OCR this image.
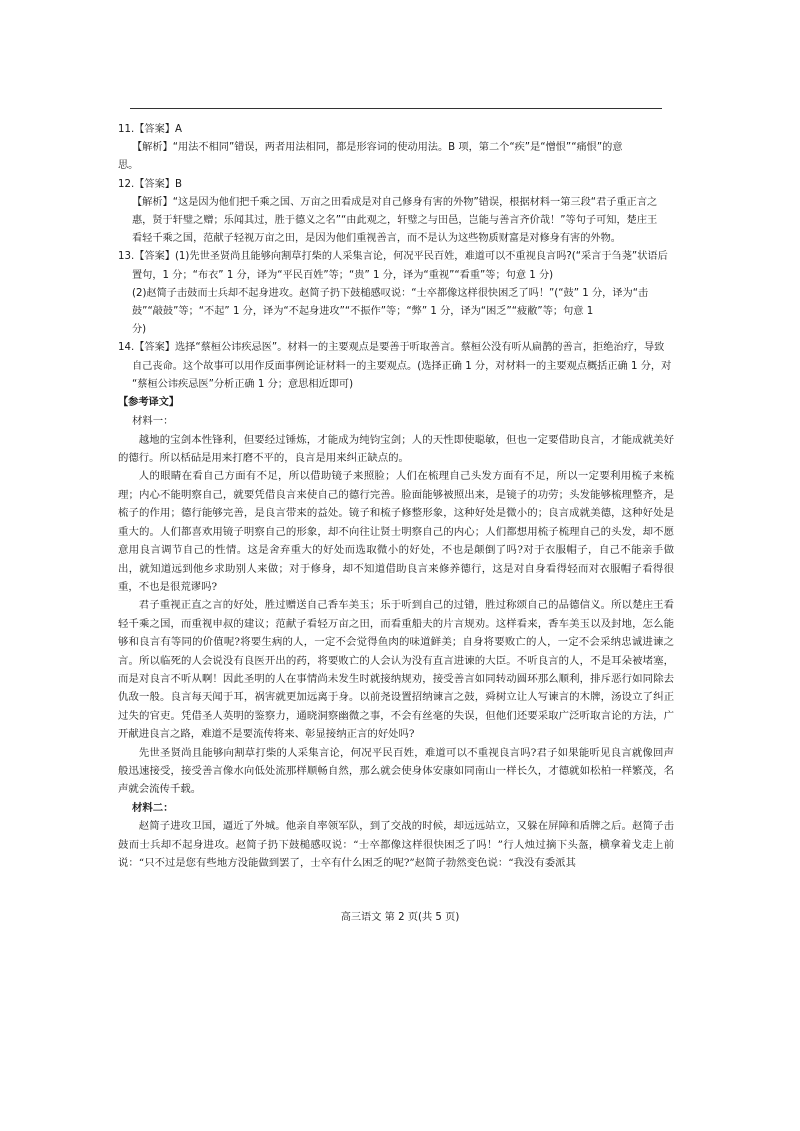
11.【答案】A

【解析】“用法不相同”错误，两者用法相同，都是形容词的使动用法。B 项，第二个“疾”是“憎恨”“痛恨”的意

思。

12.【答案】B

【解析】“这是因为他们把千乘之国、万亩之田看成是对自己修身有害的外物”错误，根据材料一第三段“君子重正言之

惠，贤于轩璧之赠；乐闻其过，胜于德义之名”“由此观之，轩璧之与田邑，岂能与善言齐价哉！”等句子可知，楚庄王

看轻千乘之国，范献子轻视万亩之田，是因为他们重视善言，而不是认为这些物质财富是对修身有害的外物。

13.【答案】(1)先世圣贤尚且能够向割草打柴的人采集言论，何况平民百姓，难道可以不重视良言吗?(“采言于刍荛”状语后

置句，1 分；“布衣” 1 分，译为“平民百姓”等；“贵” 1 分，译为“重视”“看重”等；句意 1 分)

(2)赵简子击鼓而士兵却不起身进攻。赵简子扔下鼓槌感叹说：“士卒都像这样很快困乏了吗！”(“鼓” 1 分，译为“击

鼓”“敲鼓”等；“不起” 1 分，译为“不起身进攻”“不振作”等；“弊” 1 分，译为“困乏”“疲敝”等；句意 1

分)

14.【答案】选择“蔡桓公讳疾忌医”。材料一的主要观点是要善于听取善言。蔡桓公没有听从扁鹊的善言，拒绝治疗，导致

自己丧命。这个故事可以用作反面事例论证材料一的主要观点。(选择正确 1 分，对材料一的主要观点概括正确 1 分，对

“蔡桓公讳疾忌医”分析正确 1 分；意思相近即可)

【参考译文】

材料一：

越地的宝剑本性锋利，但要经过锤炼，才能成为纯钧宝剑；人的天性即使聪敏，但也一定要借助良言，才能成就美好的德行。所以栝砧是用来打磨不平的，良言是用来纠正缺点的。

人的眼睛在看自己方面有不足，所以借助镜子来照脸；人们在梳理自己头发方面有不足，所以一定要利用梳子来梳理；内心不能明察自己，就要凭借良言来使自己的德行完善。脸面能够被照出来，是镜子的功劳；头发能够梳理整齐，是梳子的作用；德行能够完善，是良言带来的益处。镜子和梳子修整形象，这种好处是微小的；良言成就美德，这种好处是重大的。人们都喜欢用镜子明察自己的形象，却不向往让贤士明察自己的内心；人们都想用梳子梳理自己的头发，却不愿意用良言调节自己的性情。这是舍弃重大的好处而选取微小的好处，不也是颠倒了吗?对于衣服帽子，自己不能亲手做出，就知道远到他乡求助别人来做；对于修身，却不知道借助良言来修养德行，这是对自身看得轻而对衣服帽子看得很重，不也是很荒谬吗?

君子重视正直之言的好处，胜过赠送自己香车美玉；乐于听到自己的过错，胜过称颂自己的品德信义。所以楚庄王看轻千乘之国，而重视申叔的建议；范献子看轻万亩之田，而看重船夫的片言规劝。这样看来，香车美玉以及封地，怎么能够和良言有等同的价值呢?将要生病的人，一定不会觉得鱼肉的味道鲜美；自身将要败亡的人，一定不会采纳忠诚进谏之言。所以临死的人会说没有良医开出的药，将要败亡的人会认为没有直言进谏的大臣。不听良言的人，不是耳朵被堵塞，而是对良言不听从啊！因此圣明的人在事情尚未发生时就接纳规劝，接受善言如同转动圆环那么顺利，排斥恶行如同除去仇敌一般。良言每天闻于耳，祸害就更加远离于身。以前尧设置招纳谏言之鼓，舜树立让人写谏言的木牌，汤设立了纠正过失的官吏。凭借圣人英明的鉴察力，通晓洞察幽微之事，不会有丝毫的失误，但他们还要采取广泛听取言论的方法，广开献进良言之路，难道不是要流传将来、彰显接纳正言的好处吗?

先世圣贤尚且能够向割草打柴的人采集言论，何况平民百姓，难道可以不重视良言吗?君子如果能听见良言就像回声般迅速接受，接受善言像水向低处流那样顺畅自然，那么就会使身体安康如同南山一样长久，才德就如松柏一样繁茂，名声就会流传千载。

材料二：

赵简子进攻卫国，逼近了外城。他亲自率领军队，到了交战的时候，却远远站立，又躲在屏障和盾牌之后。赵简子击鼓而士兵却不起身进攻。赵简子扔下鼓槌感叹说：“士卒都像这样很快困乏了吗！”行人烛过摘下头盔，横拿着戈走上前说：“只不过是您有些地方没能做到罢了，士卒有什么困乏的呢?”赵简子勃然变色说：“我没有委派其

高三语文 第 2 页(共 5 页)
